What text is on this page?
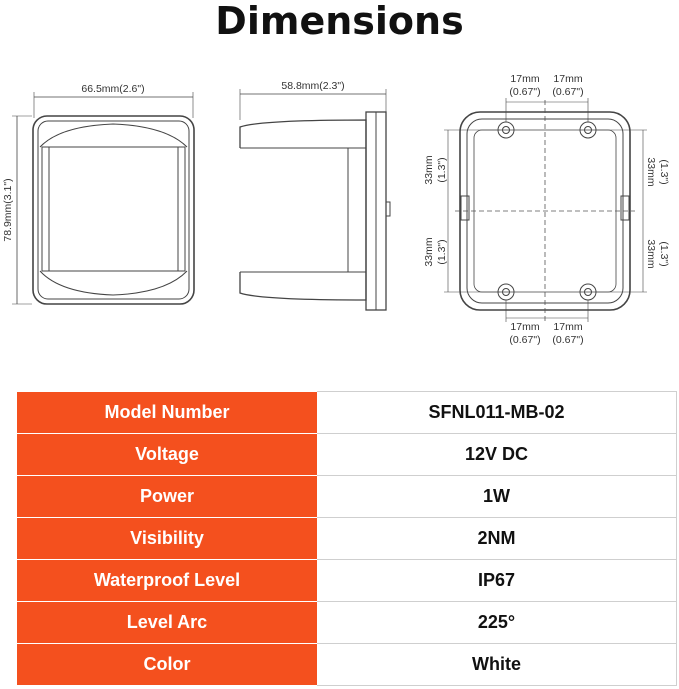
Dimensions
66.5mm(2.6")
78.9mm(3.1")
58.8mm(2.3")
17mm
(0.67")
17mm
(0.67")
17mm
(0.67")
17mm
(0.67")
33mm (1.3")
33mm (1.3")
33mm (1.3")
33mm (1.3")
Model Number	SFNL011-MB-02
Voltage	12V DC
Power	1W
Visibility	2NM
Waterproof Level	IP67
Level Arc	225°
Color	White
